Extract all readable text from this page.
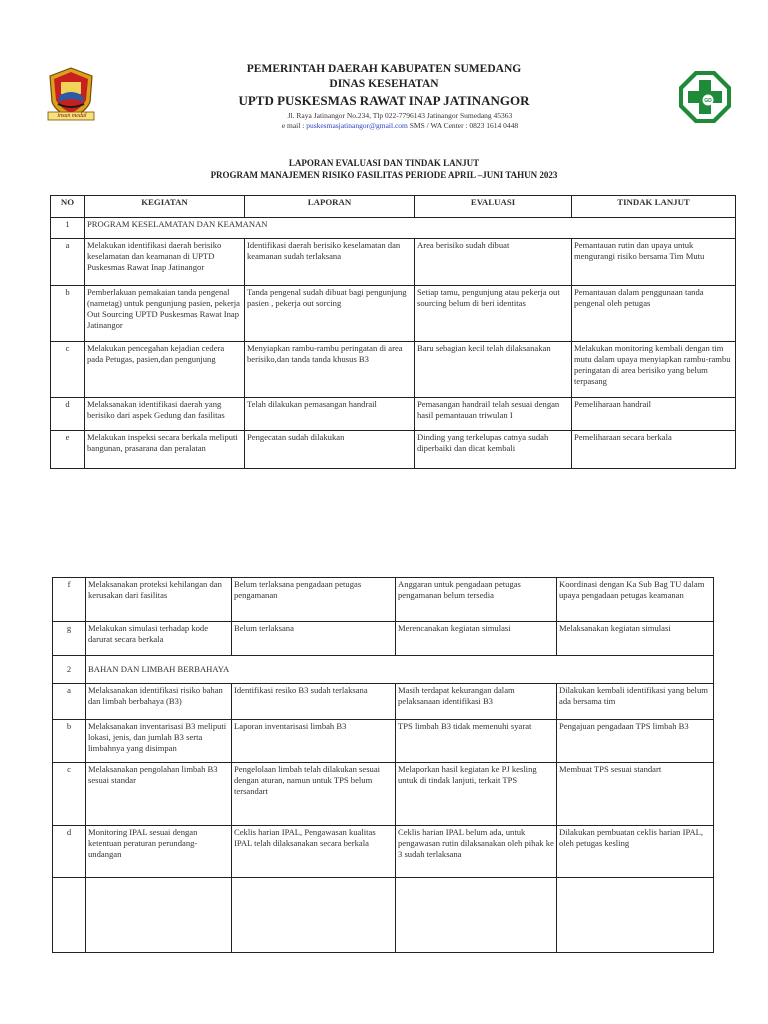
insun medal
PEMERINTAH DAERAH KABUPATEN SUMEDANG
DINAS KESEHATAN
UPTD PUSKESMAS RAWAT INAP JATINANGOR
Jl. Raya Jatinangor No.234, Tlp 022-7796143 Jatinangor Sumedang 45363
e mail : puskesmasjatinangor@gmail.com SMS / WA Center : 0823 1614 0448
GD
LAPORAN EVALUASI DAN TINDAK LANJUT
PROGRAM MANAJEMEN RISIKO FASILITAS PERIODE APRIL –JUNI TAHUN 2023
NO	KEGIATAN	LAPORAN	EVALUASI	TINDAK LANJUT
1	PROGRAM KESELAMATAN DAN KEAMANAN			
a	Melakukan identifikasi daerah berisiko keselamatan dan keamanan di UPTD Puskesmas Rawat Inap Jatinangor	Identifikasi daerah berisiko keselamatan dan keamanan sudah terlaksana	Area berisiko sudah dibuat	Pemantauan rutin dan upaya untuk mengurangi risiko bersama Tim Mutu
b	Pemberlakuan pemakaian tanda pengenal (nametag) untuk pengunjung pasien, pekerja Out Sourcing UPTD Puskesmas Rawat Inap Jatinangor	Tanda pengenal sudah dibuat bagi pengunjung pasien , pekerja out sorcing	Setiap tamu, pengunjung atau pekerja out sourcing belum di beri identitas	Pemantauan dalam penggunaan tanda pengenal oleh petugas
c	Melakukan pencegahan kejadian cedera pada Petugas, pasien,dan pengunjung	Menyiapkan rambu-rambu peringatan di area berisiko,dan tanda tanda khusus B3	Baru sebagian kecil telah dilaksanakan	Melakukan monitoring kembali dengan tim mutu dalam upaya menyiapkan rambu-rambu peringatan di area berisiko yang belum terpasang
d	Melaksanakan identifikasi daerah yang berisiko dari aspek Gedung dan fasilitas	Telah dilakukan pemasangan handrail	Pemasangan handrail telah sesuai dengan hasil pemantauan triwulan I	Pemeliharaan handrail
e	Melakukan inspeksi secara berkala meliputi bangunan, prasarana dan peralatan	Pengecatan sudah dilakukan	Dinding yang terkelupas catnya sudah diperbaiki dan dicat kembali	Pemeliharaan secara berkala
f	Melaksanakan proteksi kehilangan dan kerusakan dari fasilitas	Belum terlaksana pengadaan petugas pengamanan	Anggaran untuk pengadaan petugas pengamanan belum tersedia	Koordinasi dengan Ka Sub Bag TU dalam upaya pengadaan petugas keamanan
g	Melakukan simulasi terhadap kode darurat secara berkala	Belum terlaksana	Merencanakan kegiatan simulasi	Melaksanakan kegiatan simulasi
2	BAHAN DAN LIMBAH BERBAHAYA			
a	Melaksanakan identifikasi risiko bahan dan limbah berbahaya (B3)	Identifikasi resiko B3 sudah terlaksana	Masih terdapat kekurangan dalam pelaksanaan identifikasi B3	Dilakukan kembali identifikasi yang belum ada bersama tim
b	Melaksanakan inventarisasi B3 meliputi lokasi, jenis, dan jumlah B3 serta limbahnya yang disimpan	Laporan inventarisasi limbah B3	TPS limbah B3 tidak memenuhi syarat	Pengajuan pengadaan TPS limbah B3
c	Melaksanakan pengolahan limbah B3 sesuai standar	Pengelolaan limbah telah dilakukan sesuai dengan aturan, namun untuk TPS belum tersandart	Melaporkan hasil kegiatan ke PJ kesling untuk di tindak lanjuti, terkait TPS	Membuat TPS sesuai standart
d	Monitoring IPAL sesuai dengan ketentuan peraturan perundang-undangan	Ceklis harian IPAL, Pengawasan kualitas IPAL telah dilaksanakan secara berkala	Ceklis harian IPAL belum ada, untuk pengawasan rutin dilaksanakan oleh pihak ke 3 sudah terlaksana	Dilakukan pembuatan ceklis harian IPAL, oleh petugas kesling
